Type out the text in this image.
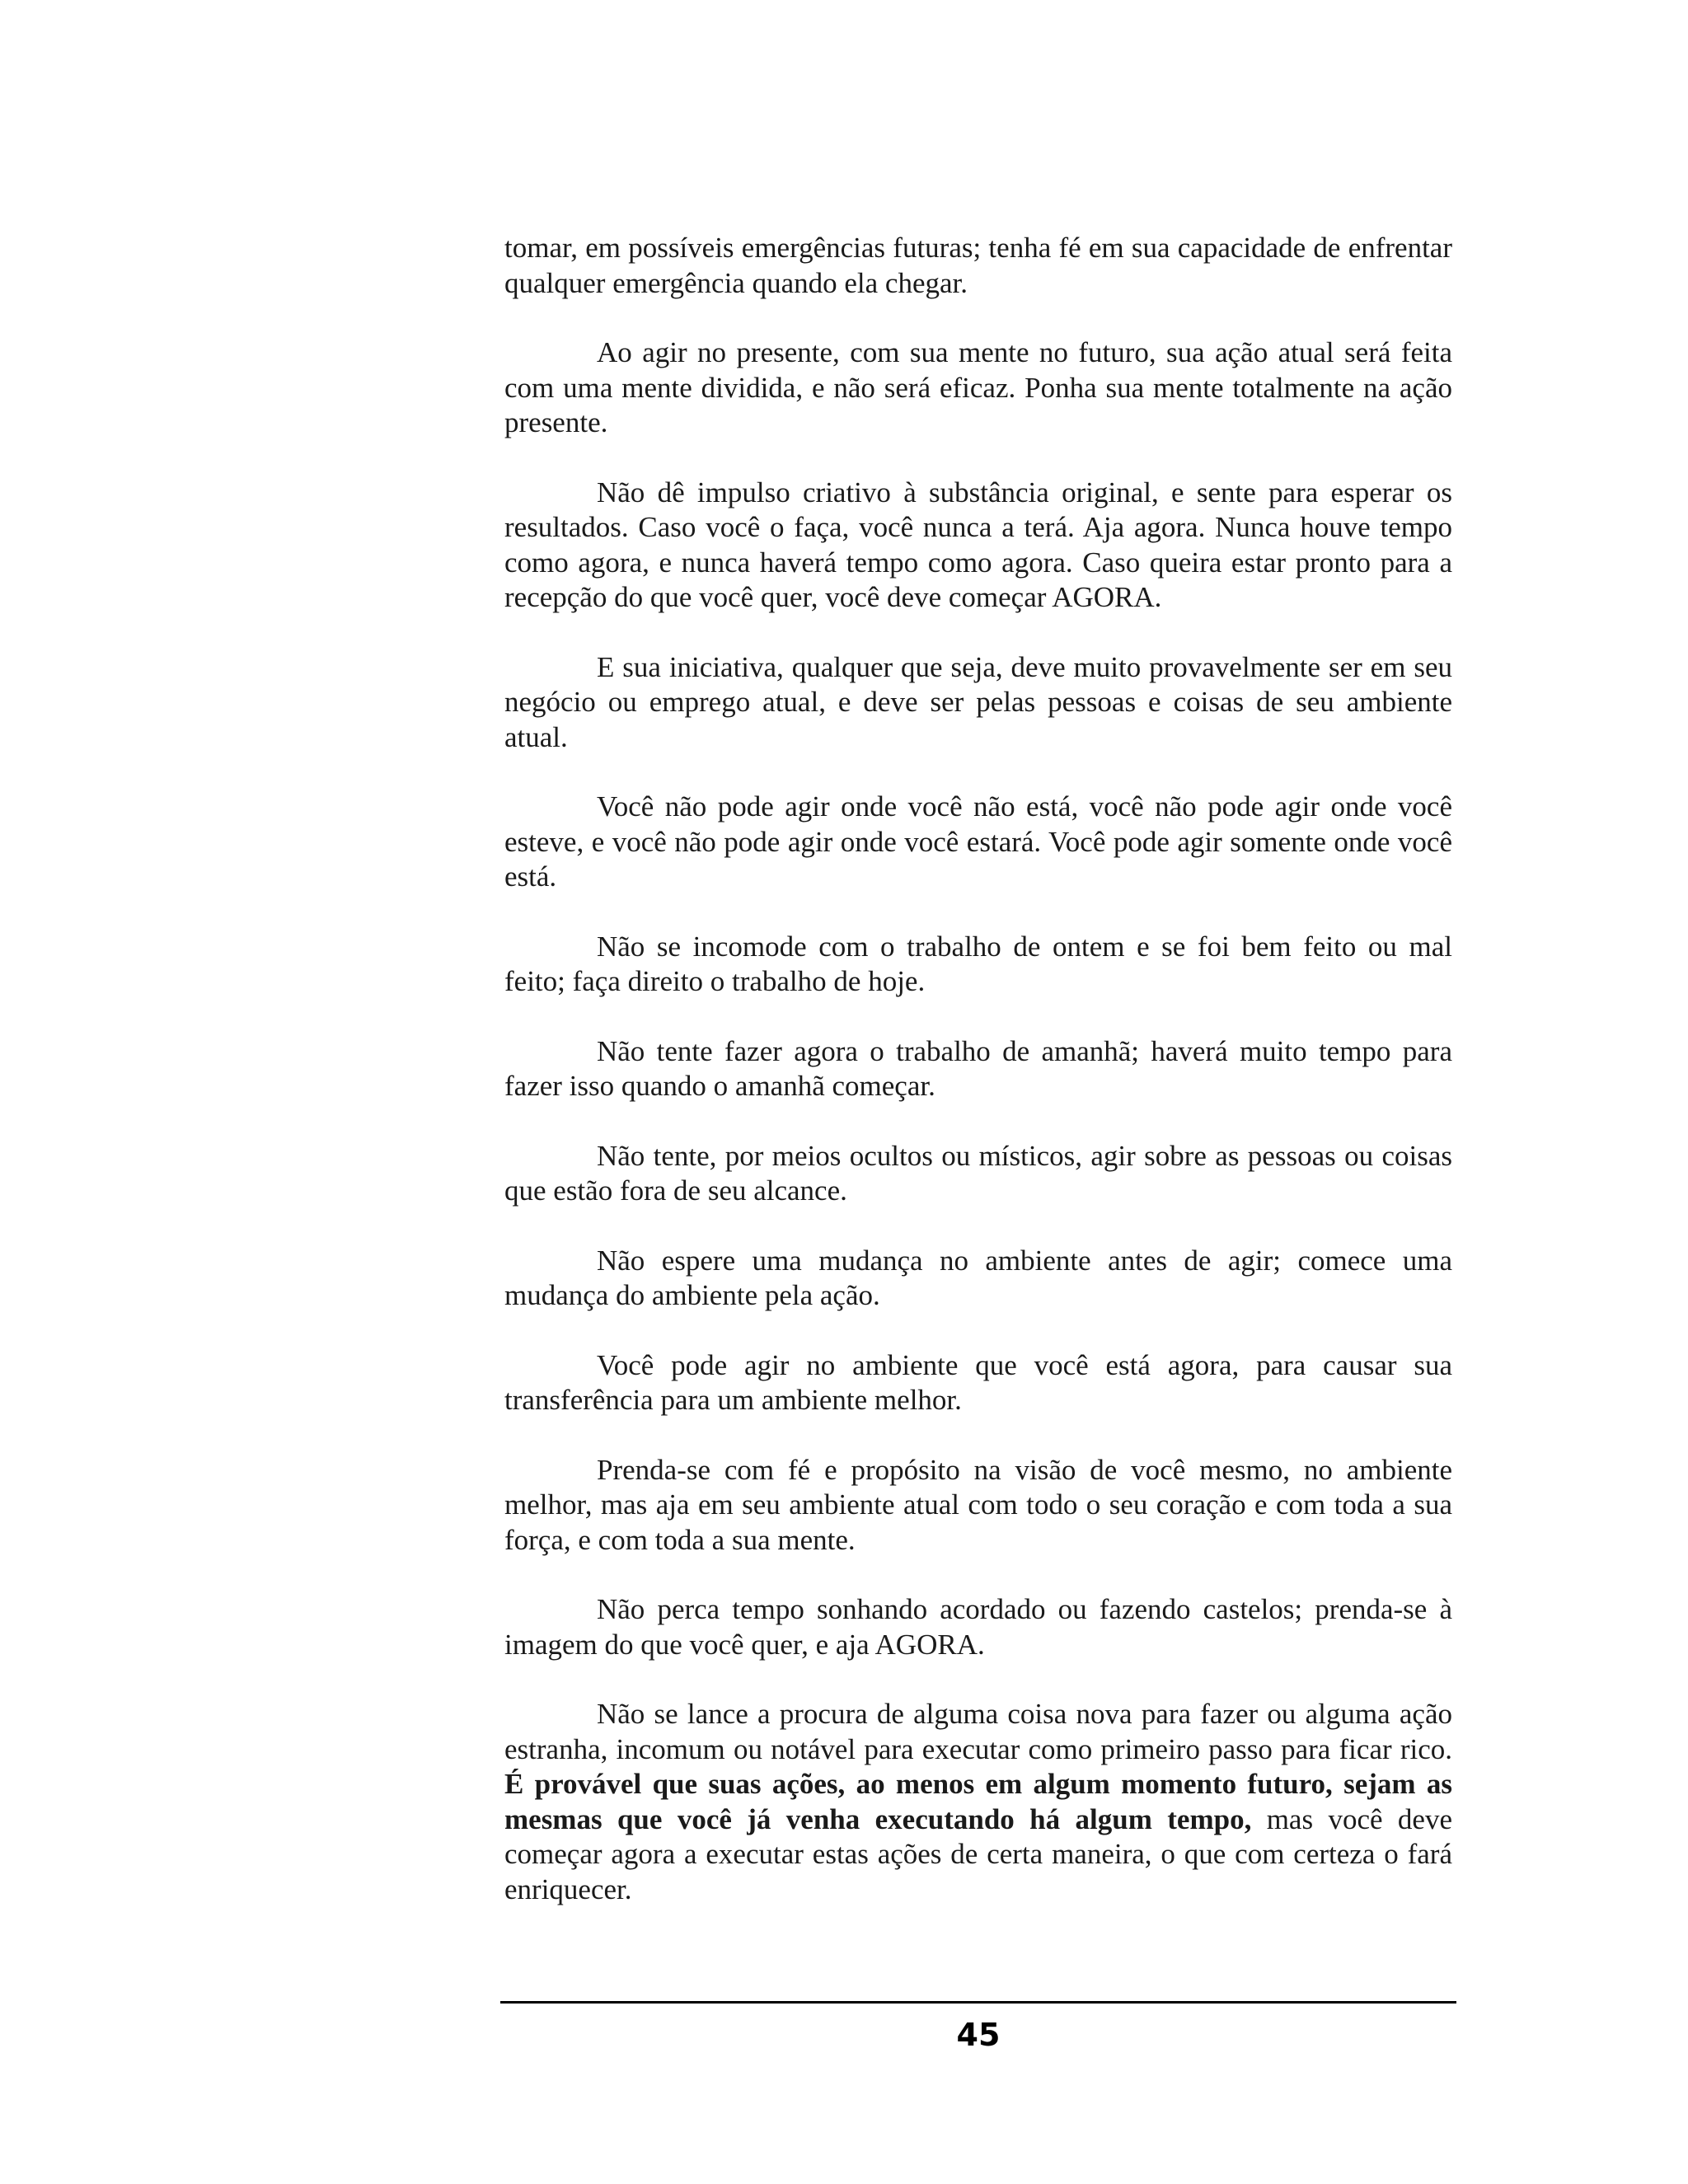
tomar, em possíveis emergências futuras; tenha fé em sua capacidade de enfrentar qualquer emergência quando ela chegar.

Ao agir no presente, com sua mente no futuro, sua ação atual será feita com uma mente dividida, e não será eficaz. Ponha sua mente totalmente na ação presente.

Não dê impulso criativo à substância original, e sente para esperar os resultados. Caso você o faça, você nunca a terá. Aja agora. Nunca houve tempo como agora, e nunca haverá tempo como agora. Caso queira estar pronto para a recepção do que você quer, você deve começar AGORA.

E sua iniciativa, qualquer que seja, deve muito provavelmente ser em seu negócio ou emprego atual, e deve ser pelas pessoas e coisas de seu ambiente atual.

Você não pode agir onde você não está, você não pode agir onde você esteve, e você não pode agir onde você estará. Você pode agir somente onde você está.

Não se incomode com o trabalho de ontem e se foi bem feito ou mal feito; faça direito o trabalho de hoje.

Não tente fazer agora o trabalho de amanhã; haverá muito tempo para fazer isso quando o amanhã começar.

Não tente, por meios ocultos ou místicos, agir sobre as pessoas ou coisas que estão fora de seu alcance.

Não espere uma mudança no ambiente antes de agir; comece uma mudança do ambiente pela ação.

Você pode agir no ambiente que você está agora, para causar sua transferência para um ambiente melhor.

Prenda-se com fé e propósito na visão de você mesmo, no ambiente melhor, mas aja em seu ambiente atual com todo o seu coração e com toda a sua força, e com toda a sua mente.

Não perca tempo sonhando acordado ou fazendo castelos; prenda-se à imagem do que você quer, e aja AGORA.

Não se lance a procura de alguma coisa nova para fazer ou alguma ação estranha, incomum ou notável para executar como primeiro passo para ficar rico. É provável que suas ações, ao menos em algum momento futuro, sejam as mesmas que você já venha executando há algum tempo, mas você deve começar agora a executar estas ações de certa maneira, o que com certeza o fará enriquecer.

45
